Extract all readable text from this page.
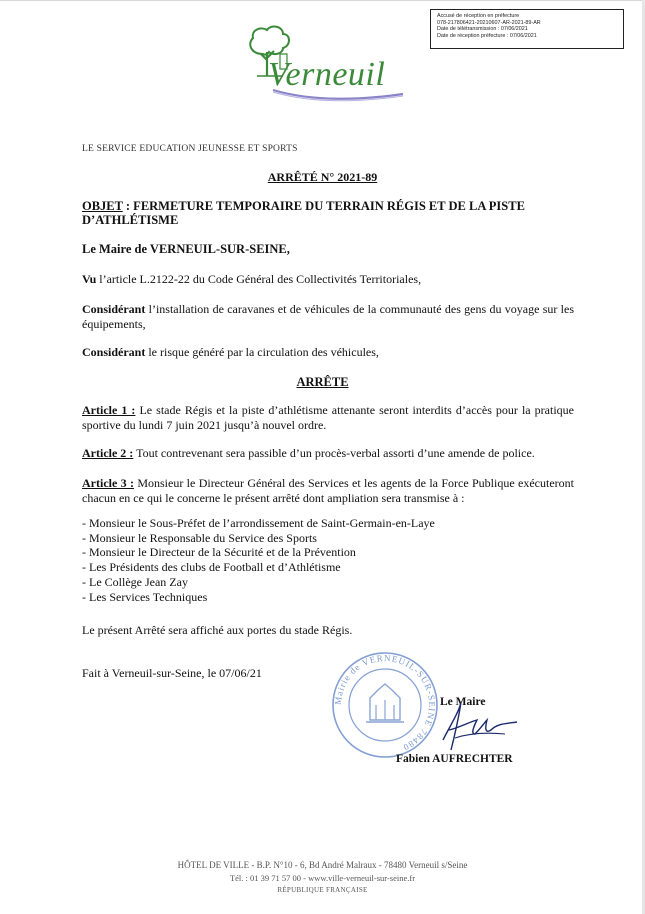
Accusé de réception en préfecture
078-217806421-20210607-AR-2021-89-AR
Date de télétransmission : 07/06/2021
Date de réception préfecture : 07/06/2021
Verneuil
LE SERVICE EDUCATION JEUNESSE ET SPORTS
ARRÊTÉ N° 2021-89
OBJET : FERMETURE TEMPORAIRE DU TERRAIN RÉGIS ET DE LA PISTE D’ATHLÉTISME
Le Maire de VERNEUIL-SUR-SEINE,
Vu l’article L.2122-22 du Code Général des Collectivités Territoriales,
Considérant l’installation de caravanes et de véhicules de la communauté des gens du voyage sur les équipements,
Considérant le risque généré par la circulation des véhicules,
ARRÊTE
Article 1 : Le stade Régis et la piste d’athlétisme attenante seront interdits d’accès pour la pratique sportive du lundi 7 juin 2021 jusqu’à nouvel ordre.
Article 2 : Tout contrevenant sera passible d’un procès-verbal assorti d’une amende de police.
Article 3 : Monsieur le Directeur Général des Services et les agents de la Force Publique exécuteront chacun en ce qui le concerne le présent arrêté dont ampliation sera transmise à :
- Monsieur le Sous-Préfet de l’arrondissement de Saint-Germain-en-Laye
- Monsieur le Responsable du Service des Sports
- Monsieur le Directeur de la Sécurité et de la Prévention
- Les Présidents des clubs de Football et d’Athlétisme
- Le Collège Jean Zay
- Les Services Techniques
Le présent Arrêté sera affiché aux portes du stade Régis.
Fait à Verneuil-sur-Seine, le 07/06/21
Mairie de VERNEUIL-SUR-SEINE 78480
Le Maire
Fabien AUFRECHTER
HÔTEL DE VILLE - B.P. N°10 - 6, Bd André Malraux - 78480 Verneuil s/Seine
Tél. : 01 39 71 57 00 - www.ville-verneuil-sur-seine.fr
RÉPUBLIQUE FRANÇAISE
